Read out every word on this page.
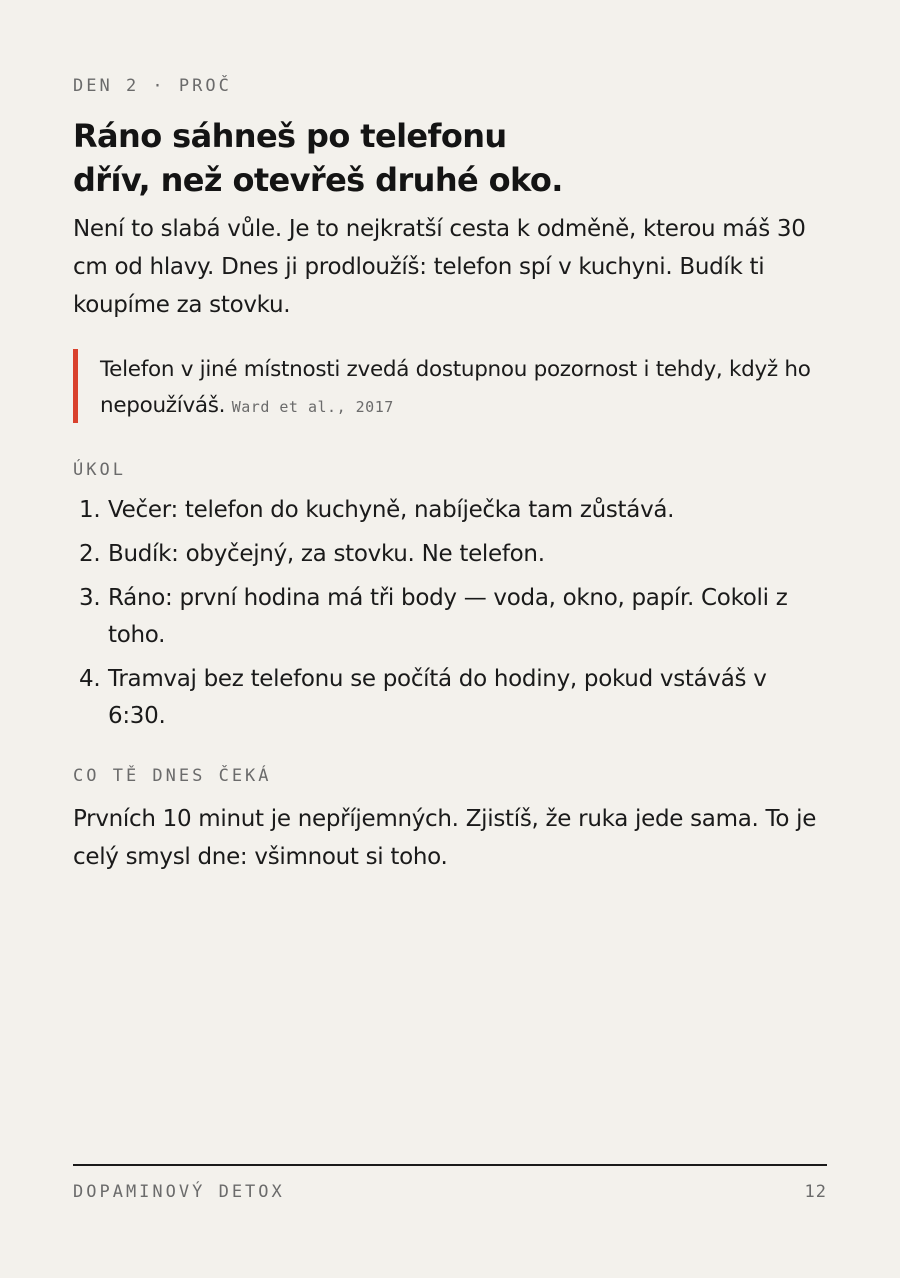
DEN 2 · PROČ

Ráno sáhneš po telefonu
dřív, než otevřeš druhé oko.

Není to slabá vůle. Je to nejkratší cesta k odměně, kterou máš 30 cm od hlavy. Dnes ji prodloužíš: telefon spí v kuchyni. Budík ti koupíme za stovku.

Telefon v jiné místnosti zvedá dostupnou pozornost i tehdy, když ho nepoužíváš. Ward et al., 2017

ÚKOL

1. Večer: telefon do kuchyně, nabíječka tam zůstává.
2. Budík: obyčejný, za stovku. Ne telefon.
3. Ráno: první hodina má tři body — voda, okno, papír. Cokoli z toho.
4. Tramvaj bez telefonu se počítá do hodiny, pokud vstáváš v 6:30.

CO TĚ DNES ČEKÁ

Prvních 10 minut je nepříjemných. Zjistíš, že ruka jede sama. To je celý smysl dne: všimnout si toho.

DOPAMINOVÝ DETOX	12
